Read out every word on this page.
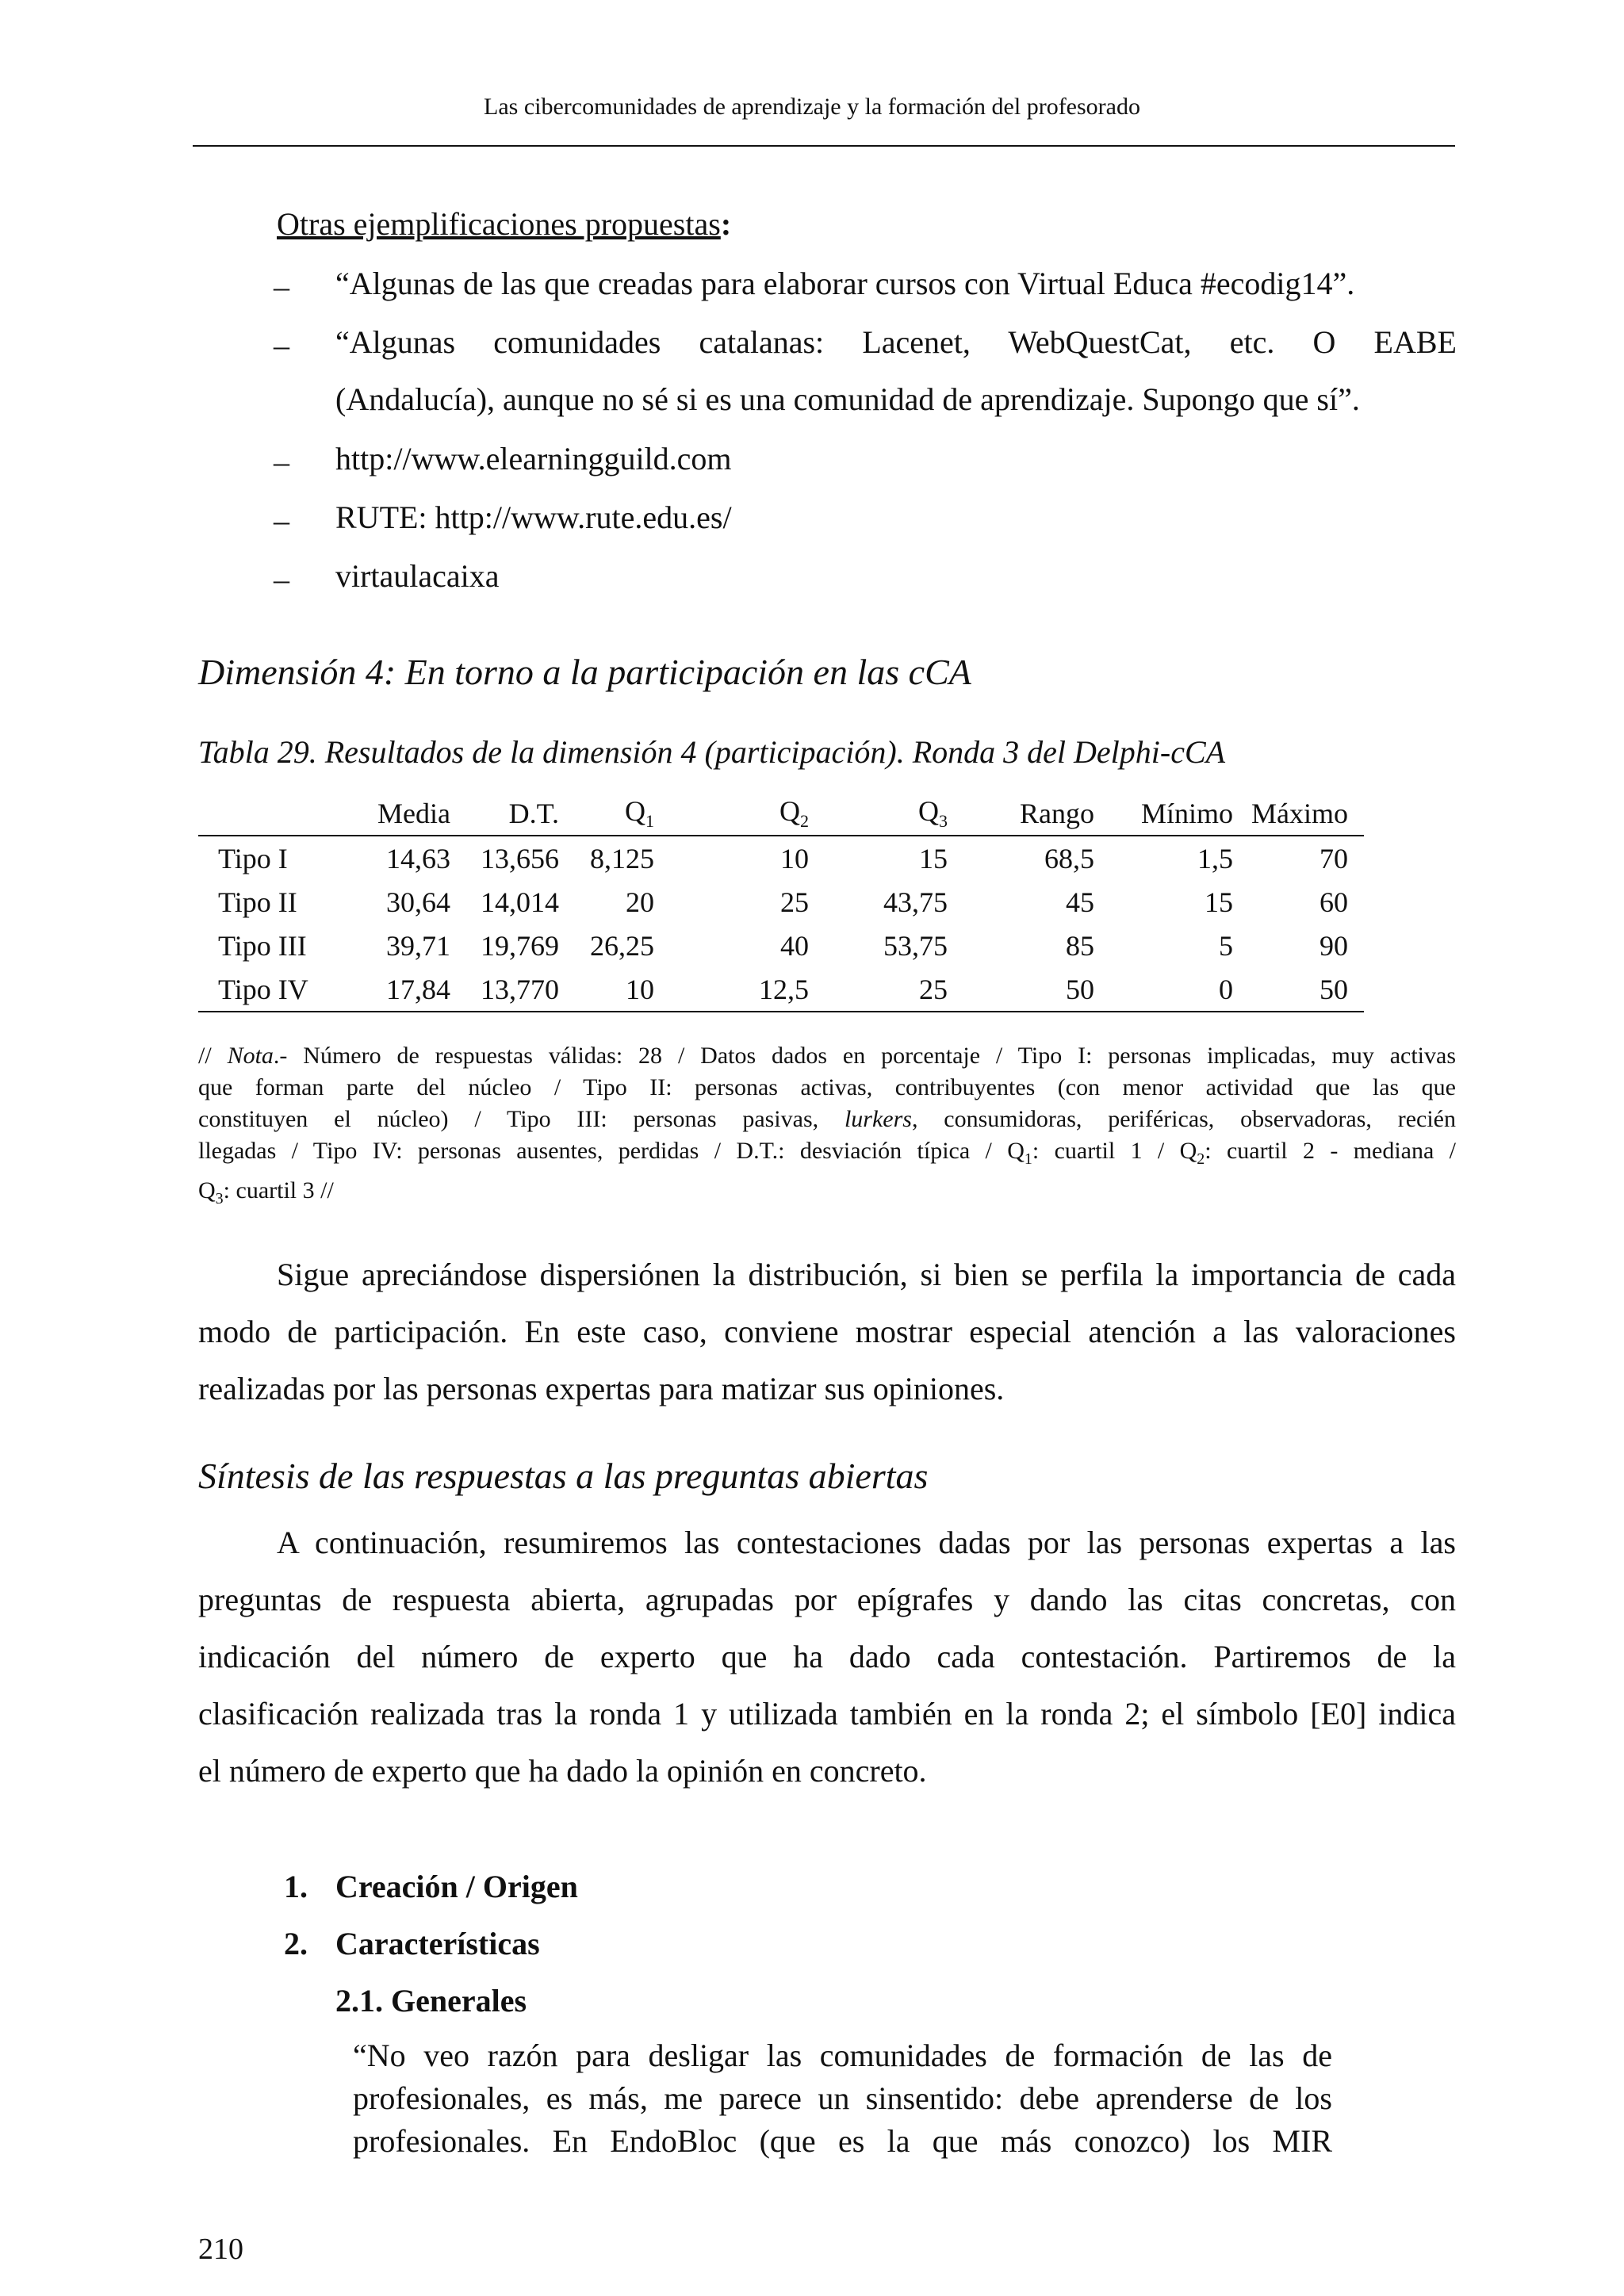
Las cibercomunidades de aprendizaje y la formación del profesorado
Otras ejemplificaciones propuestas:
– “Algunas de las que creadas para elaborar cursos con Virtual Educa #ecodig14”.
– “Algunas comunidades catalanas: Lacenet, WebQuestCat, etc. O EABE
(Andalucía), aunque no sé si es una comunidad de aprendizaje. Supongo que sí”.
– http://www.elearningguild.com
– RUTE: http://www.rute.edu.es/
– virtaulacaixa
Dimensión 4: En torno a la participación en las cCA
Tabla 29. Resultados de la dimensión 4 (participación). Ronda 3 del Delphi-cCA
	Media	D.T.	$Q_1$	$Q_2$	$Q_3$	Rango	Mínimo	Máximo
Tipo I	14,63	13,656	8,125	10	15	68,5	1,5	70
Tipo II	30,64	14,014	20	25	43,75	45	15	60
Tipo III	39,71	19,769	26,25	40	53,75	85	5	90
Tipo IV	17,84	13,770	10	12,5	25	50	0	50
// Nota.- Número de respuestas válidas: 28 / Datos dados en porcentaje / Tipo I: personas implicadas, muy activas
que forman parte del núcleo / Tipo II: personas activas, contribuyentes (con menor actividad que las que
constituyen el núcleo) / Tipo III: personas pasivas, lurkers, consumidoras, periféricas, observadoras, recién
llegadas / Tipo IV: personas ausentes, perdidas / D.T.: desviación típica / $Q_1$: cuartil $1 / Q_2$: cuartil 2 - mediana /
$Q_3$: cuartil 3 //
Sigue apreciándose dispersiónen la distribución, si bien se perfila la importancia de cada
modo de participación. En este caso, conviene mostrar especial atención a las valoraciones
realizadas por las personas expertas para matizar sus opiniones.
Síntesis de las respuestas a las preguntas abiertas
A continuación, resumiremos las contestaciones dadas por las personas expertas a las
preguntas de respuesta abierta, agrupadas por epígrafes y dando las citas concretas, con
indicación del número de experto que ha dado cada contestación. Partiremos de la
clasificación realizada tras la ronda 1 y utilizada también en la ronda 2; el símbolo [E0] indica
el número de experto que ha dado la opinión en concreto.
1. Creación / Origen
2. Características
2.1. Generales
“No veo razón para desligar las comunidades de formación de las de
profesionales, es más, me parece un sinsentido: debe aprenderse de los
profesionales. En EndoBloc (que es la que más conozco) los MIR
210
